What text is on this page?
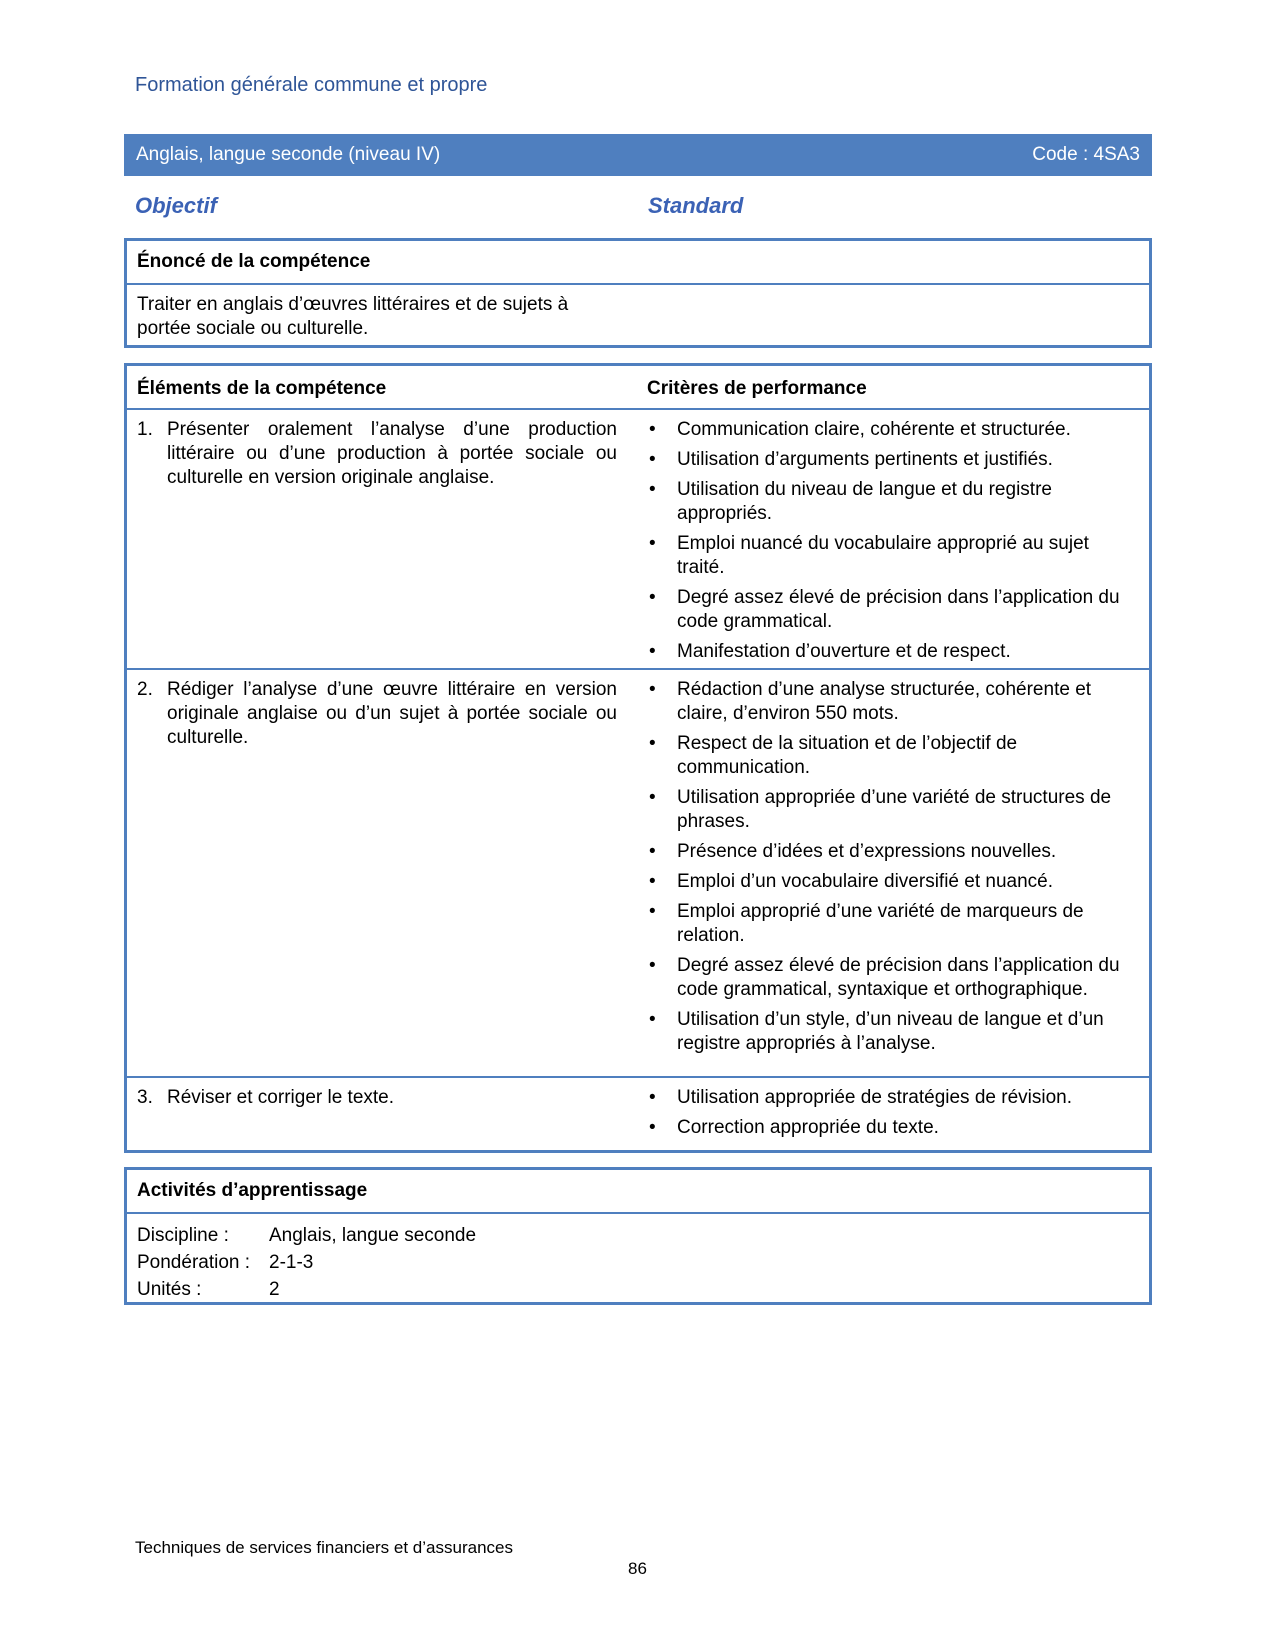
Formation générale commune et propre
Anglais, langue seconde (niveau IV)	Code : 4SA3
Objectif	Standard
Énoncé de la compétence
Traiter en anglais d’œuvres littéraires et de sujets à portée sociale ou culturelle.
Éléments de la compétence	Critères de performance
1. Présenter oralement l’analyse d’une production littéraire ou d’une production à portée sociale ou culturelle en version originale anglaise.
• Communication claire, cohérente et structurée.
• Utilisation d’arguments pertinents et justifiés.
• Utilisation du niveau de langue et du registre appropriés.
• Emploi nuancé du vocabulaire approprié au sujet traité.
• Degré assez élevé de précision dans l’application du code grammatical.
• Manifestation d’ouverture et de respect.
2. Rédiger l’analyse d’une œuvre littéraire en version originale anglaise ou d’un sujet à portée sociale ou culturelle.
• Rédaction d’une analyse structurée, cohérente et claire, d’environ 550 mots.
• Respect de la situation et de l’objectif de communication.
• Utilisation appropriée d’une variété de structures de phrases.
• Présence d’idées et d’expressions nouvelles.
• Emploi d’un vocabulaire diversifié et nuancé.
• Emploi approprié d’une variété de marqueurs de relation.
• Degré assez élevé de précision dans l’application du code grammatical, syntaxique et orthographique.
• Utilisation d’un style, d’un niveau de langue et d’un registre appropriés à l’analyse.
3. Réviser et corriger le texte.	• Utilisation appropriée de stratégies de révision.
• Correction appropriée du texte.
Activités d’apprentissage
Discipline : Anglais, langue seconde
Pondération : 2-1-3
Unités :	2
Techniques de services financiers et d’assurances
86
